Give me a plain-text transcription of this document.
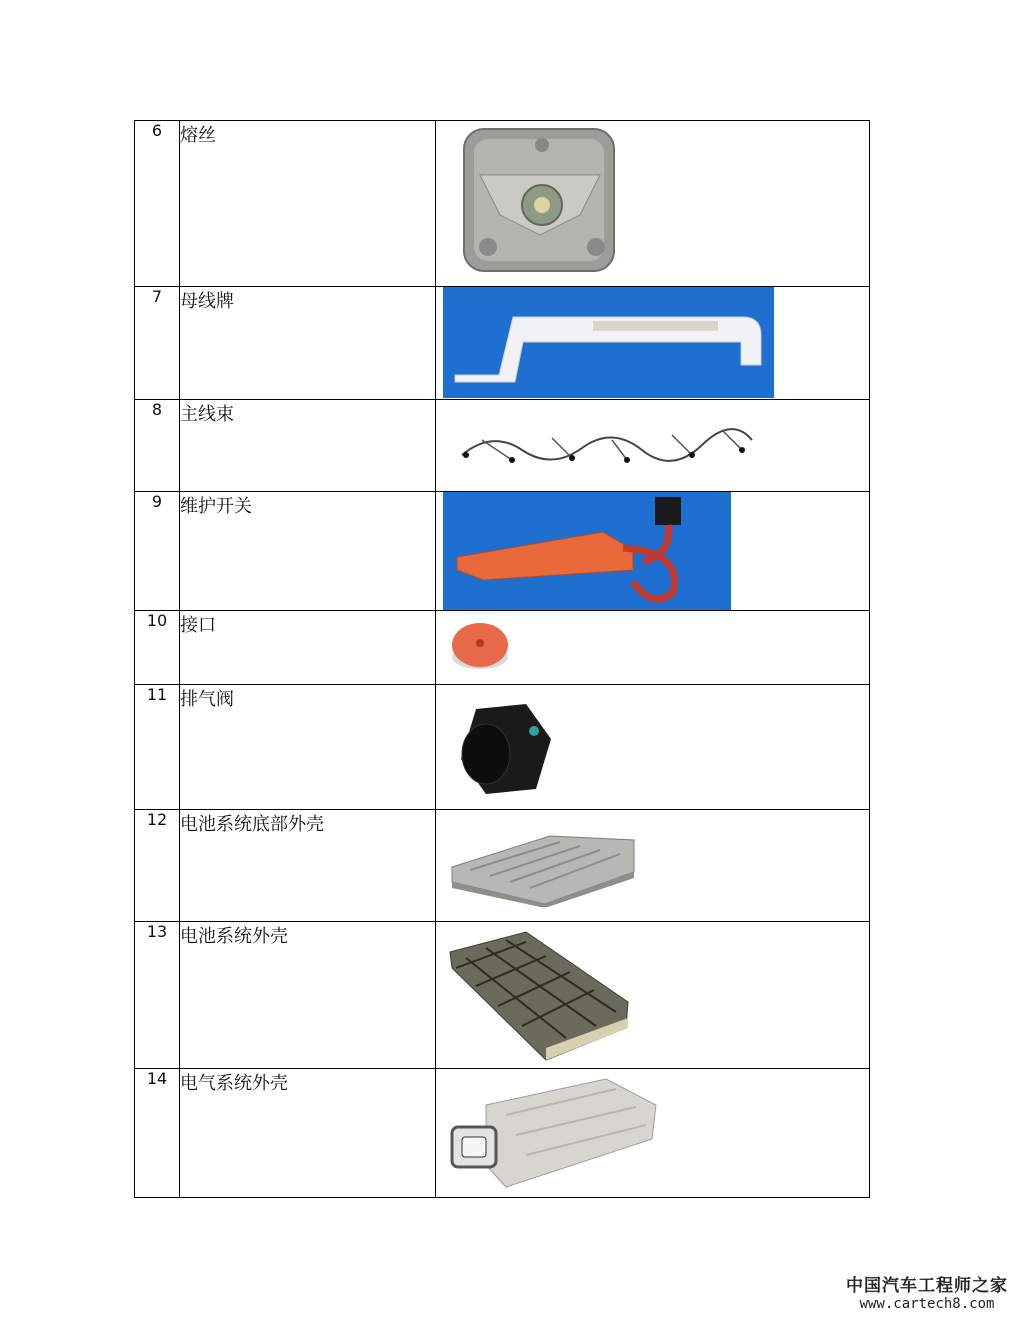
6	熔丝	

7	母线牌	

8	主线束	

9	维护开关	

10	接口	

11	排气阀	

12	电池系统底部外壳	

13	电池系统外壳	

14	电气系统外壳	
中国汽车工程师之家
www.cartech8.com
